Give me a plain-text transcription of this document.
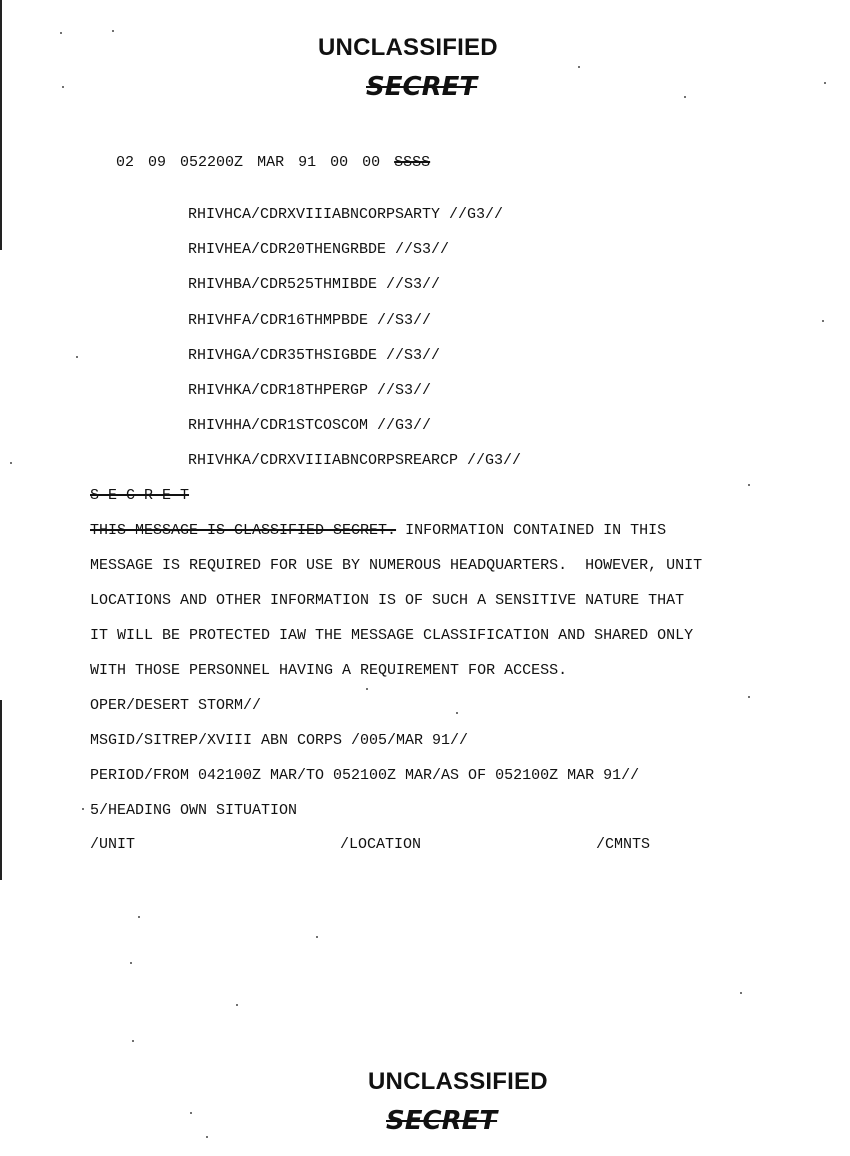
UNCLASSIFIED
SECRET

02 09 052200Z MAR 91 00 00 SSSS

RHIVHCA/CDRXVIIIABNCORPSARTY //G3//
RHIVHEA/CDR20THENGRBDE //S3//
RHIVHBA/CDR525THMIBDE //S3//
RHIVHFA/CDR16THMPBDE //S3//
RHIVHGA/CDR35THSIGBDE //S3//
RHIVHKA/CDR18THPERGP //S3//
RHIVHHA/CDR1STCOSCOM //G3//
RHIVHKA/CDRXVIIIABNCORPSREARCP //G3//
S E C R E T
THIS MESSAGE IS CLASSIFIED SECRET. INFORMATION CONTAINED IN THIS
MESSAGE IS REQUIRED FOR USE BY NUMEROUS HEADQUARTERS.  HOWEVER, UNIT
LOCATIONS AND OTHER INFORMATION IS OF SUCH A SENSITIVE NATURE THAT
IT WILL BE PROTECTED IAW THE MESSAGE CLASSIFICATION AND SHARED ONLY
WITH THOSE PERSONNEL HAVING A REQUIREMENT FOR ACCESS.
OPER/DESERT STORM//
MSGID/SITREP/XVIII ABN CORPS /005/MAR 91//
PERIOD/FROM 042100Z MAR/TO 052100Z MAR/AS OF 052100Z MAR 91//
5/HEADING OWN SITUATION
/UNIT	/LOCATION	/CMNTS
UNCLASSIFIED
SECRET
